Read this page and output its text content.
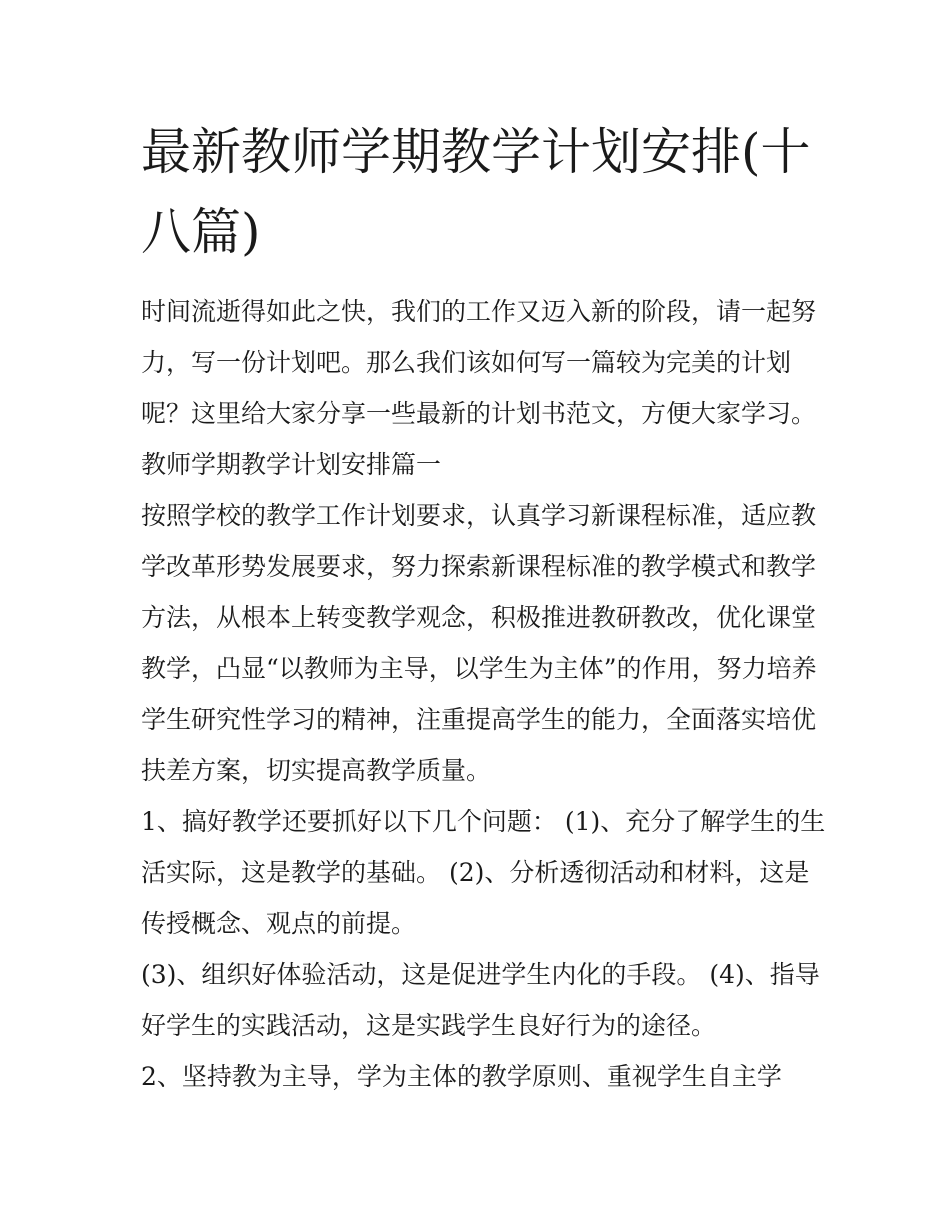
最新教师学期教学计划安排(十
八篇)

时间流逝得如此之快，我们的工作又迈入新的阶段，请一起努
力，写一份计划吧。那么我们该如何写一篇较为完美的计划
呢？这里给大家分享一些最新的计划书范文，方便大家学习。

教师学期教学计划安排篇一

按照学校的教学工作计划要求，认真学习新课程标准，适应教
学改革形势发展要求，努力探索新课程标准的教学模式和教学
方法，从根本上转变教学观念，积极推进教研教改，优化课堂
教学，凸显“以教师为主导，以学生为主体”的作用，努力培养
学生研究性学习的精神，注重提高学生的能力，全面落实培优
扶差方案，切实提高教学质量。

1、搞好教学还要抓好以下几个问题： (1)、充分了解学生的生
活实际，这是教学的基础。 (2)、分析透彻活动和材料，这是
传授概念、观点的前提。

(3)、组织好体验活动，这是促进学生内化的手段。 (4)、指导
好学生的实践活动，这是实践学生良好行为的途径。

2、坚持教为主导，学为主体的教学原则、重视学生自主学
